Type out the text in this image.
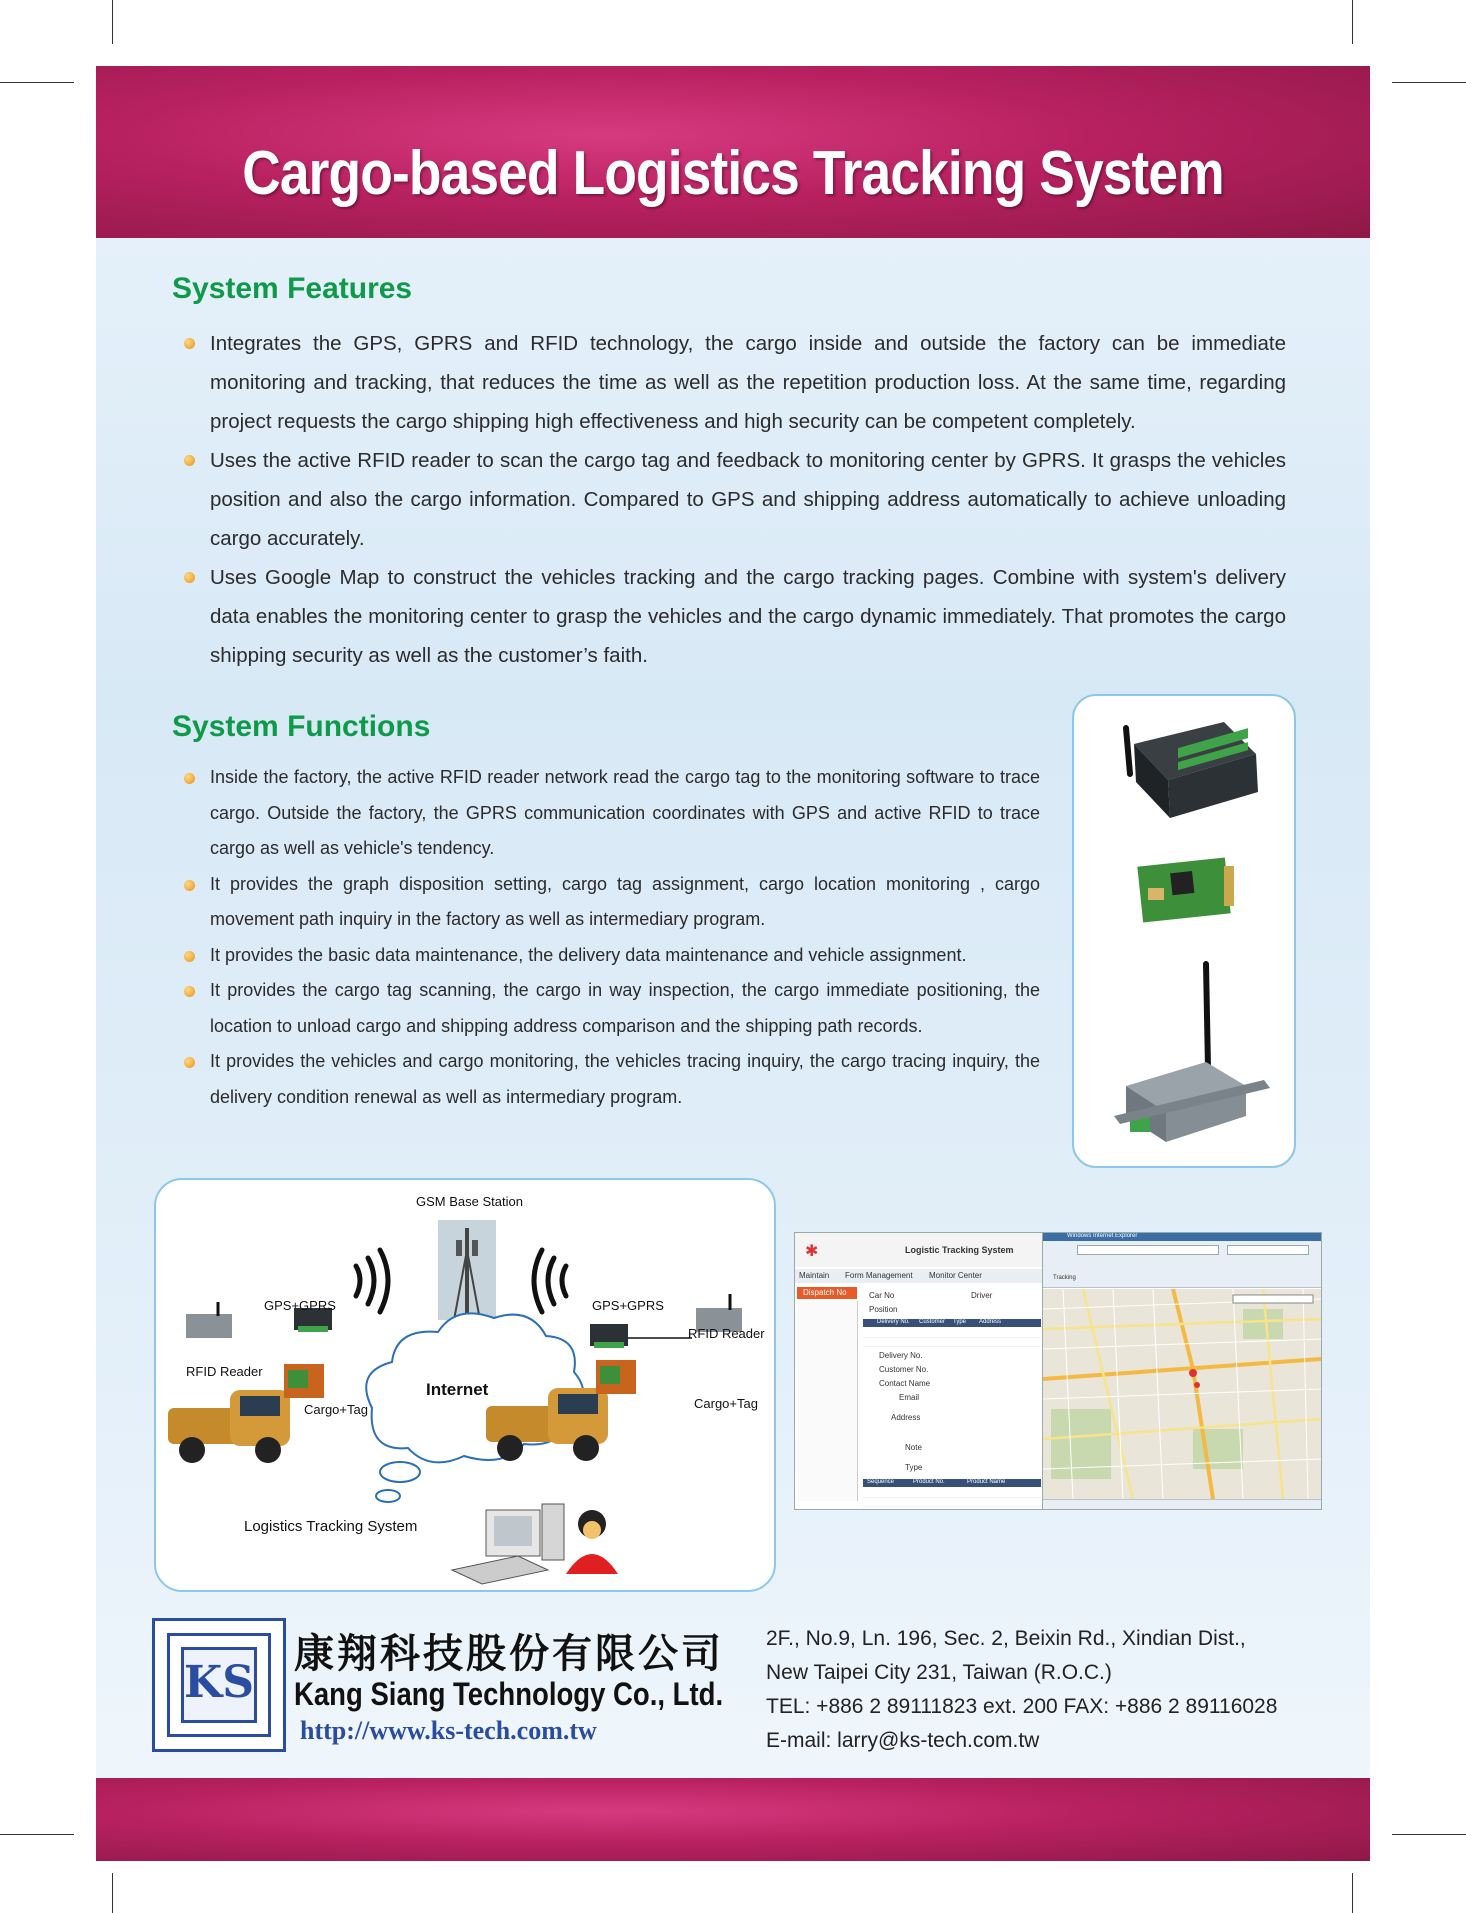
Cargo-based Logistics Tracking System
System Features
Integrates the GPS, GPRS and RFID technology, the cargo inside and outside the factory can be immediate monitoring and tracking, that reduces the time as well as the repetition production loss. At the same time, regarding project requests the cargo shipping high effectiveness and high security can be competent completely.
Uses the active RFID reader to scan the cargo tag and feedback to monitoring center by GPRS. It grasps the vehicles position and also the cargo information. Compared to GPS and shipping address automatically to achieve unloading cargo accurately.
Uses Google Map to construct the vehicles tracking and the cargo tracking pages. Combine with system's delivery data enables the monitoring center to grasp the vehicles and the cargo dynamic immediately. That promotes the cargo shipping security as well as the customer’s faith.
System Functions
Inside the factory, the active RFID reader network read the cargo tag to the monitoring software to trace cargo. Outside the factory, the GPRS communication coordinates with GPS and active RFID to trace cargo as well as vehicle's tendency.
It provides the graph disposition setting, cargo tag assignment, cargo location monitoring , cargo movement path inquiry in the factory as well as intermediary program.
It provides the basic data maintenance, the delivery data maintenance and vehicle assignment.
It provides the cargo tag scanning, the cargo in way inspection, the cargo immediate positioning, the location to unload cargo and shipping address comparison and the shipping path records.
It provides the vehicles and cargo monitoring, the vehicles tracing inquiry, the cargo tracing inquiry, the delivery condition renewal as well as intermediary program.
GSM Base Station
GPS+GPRS	GPS+GPRS
RFID Reader
RFID Reader
Cargo+Tag	Cargo+Tag
Internet
Logistics Tracking System
✱	Logistic Tracking System
Maintain Form Management Monitor Center
Dispatch No	Car No	Driver
Position
Delivery No. Customer Type Address
Delivery No.
Customer No.
Contact Name
Email
Address
Note
Type
Sequence	Product No.	Product Name
Windows Internet Explorer
Tracking
KS
康翔科技股份有限公司
Kang Siang Technology Co., Ltd.
http://www.ks-tech.com.tw
2F., No.9, Ln. 196, Sec. 2, Beixin Rd., Xindian Dist.,
New Taipei City 231, Taiwan (R.O.C.)
TEL: +886 2 89111823 ext. 200 FAX: +886 2 89116028
E-mail: larry@ks-tech.com.tw
